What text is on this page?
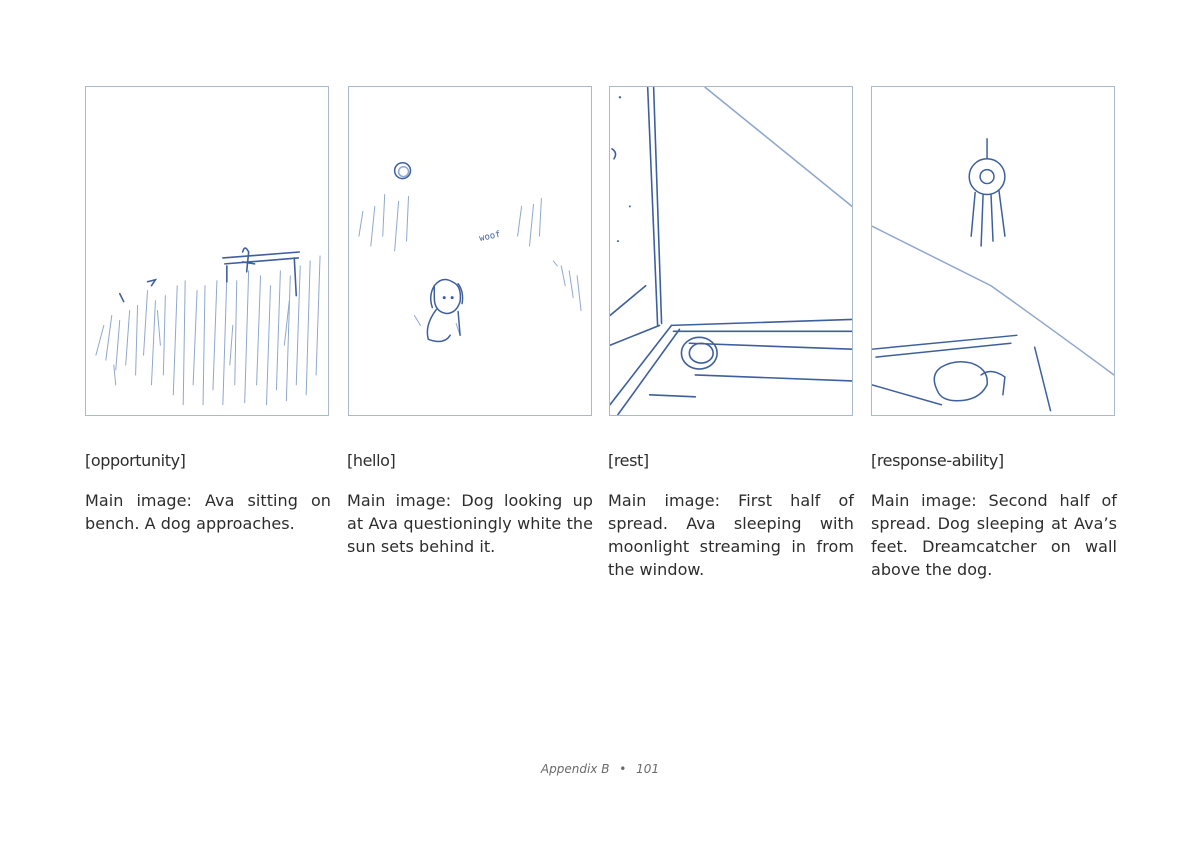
woof

[opportunity]

Main image: Ava sitting on bench. A dog approaches.

[hello]

Main image: Dog looking up at Ava questioningly white the sun sets behind it.

[rest]

Main image: First half of spread. Ava sleeping with moonlight streaming in from the window.

[response-ability]

Main image: Second half of spread. Dog sleeping at Ava’s feet. Dreamcatcher on wall above the dog.

Appendix B • 101
